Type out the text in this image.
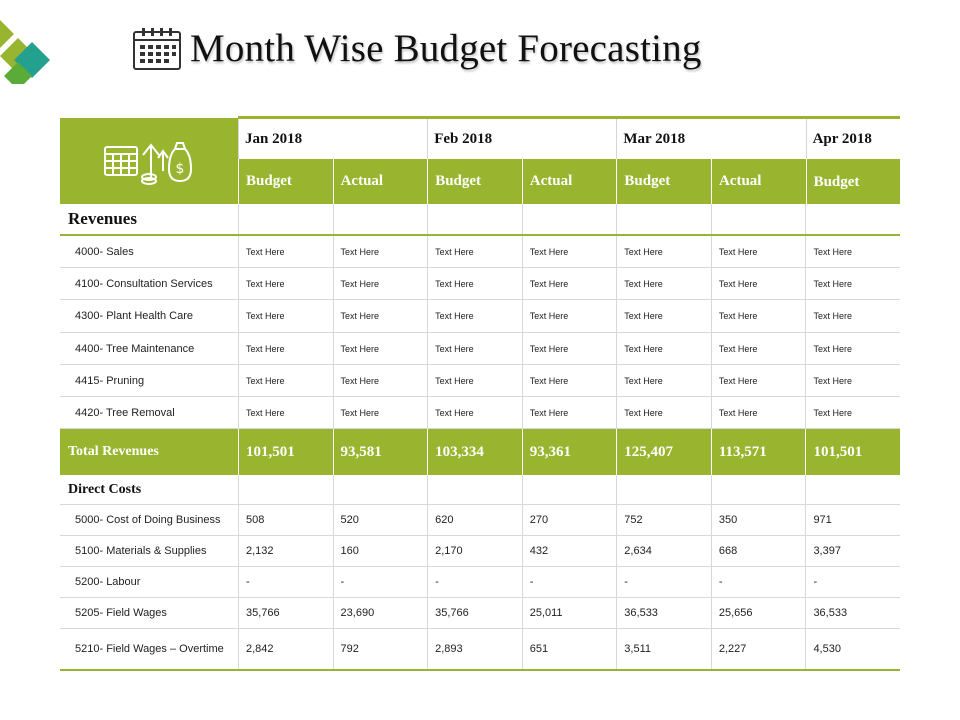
Month Wise Budget Forecasting
$
Jan 2018	Feb 2018	Mar 2018	Apr 2018
Budget	Actual	Budget	Actual	Budget	Actual	Budget
Revenues
4000- Sales	Text Here	Text Here	Text Here	Text Here	Text Here	Text Here	Text Here
4100- Consultation Services	Text Here	Text Here	Text Here	Text Here	Text Here	Text Here	Text Here
4300- Plant Health Care	Text Here	Text Here	Text Here	Text Here	Text Here	Text Here	Text Here
4400- Tree Maintenance	Text Here	Text Here	Text Here	Text Here	Text Here	Text Here	Text Here
4415- Pruning	Text Here	Text Here	Text Here	Text Here	Text Here	Text Here	Text Here
4420- Tree Removal	Text Here	Text Here	Text Here	Text Here	Text Here	Text Here	Text Here
Total Revenues	101,501	93,581	103,334	93,361	125,407	113,571	101,501
Direct Costs
5000- Cost of Doing Business	508	520	620	270	752	350	971
5100- Materials & Supplies	2,132	160	2,170	432	2,634	668	3,397
5200- Labour	-	-	-	-	-	-	-
5205- Field Wages	35,766	23,690	35,766	25,011	36,533	25,656	36,533
5210- Field Wages – Overtime	2,842	792	2,893	651	3,511	2,227	4,530
